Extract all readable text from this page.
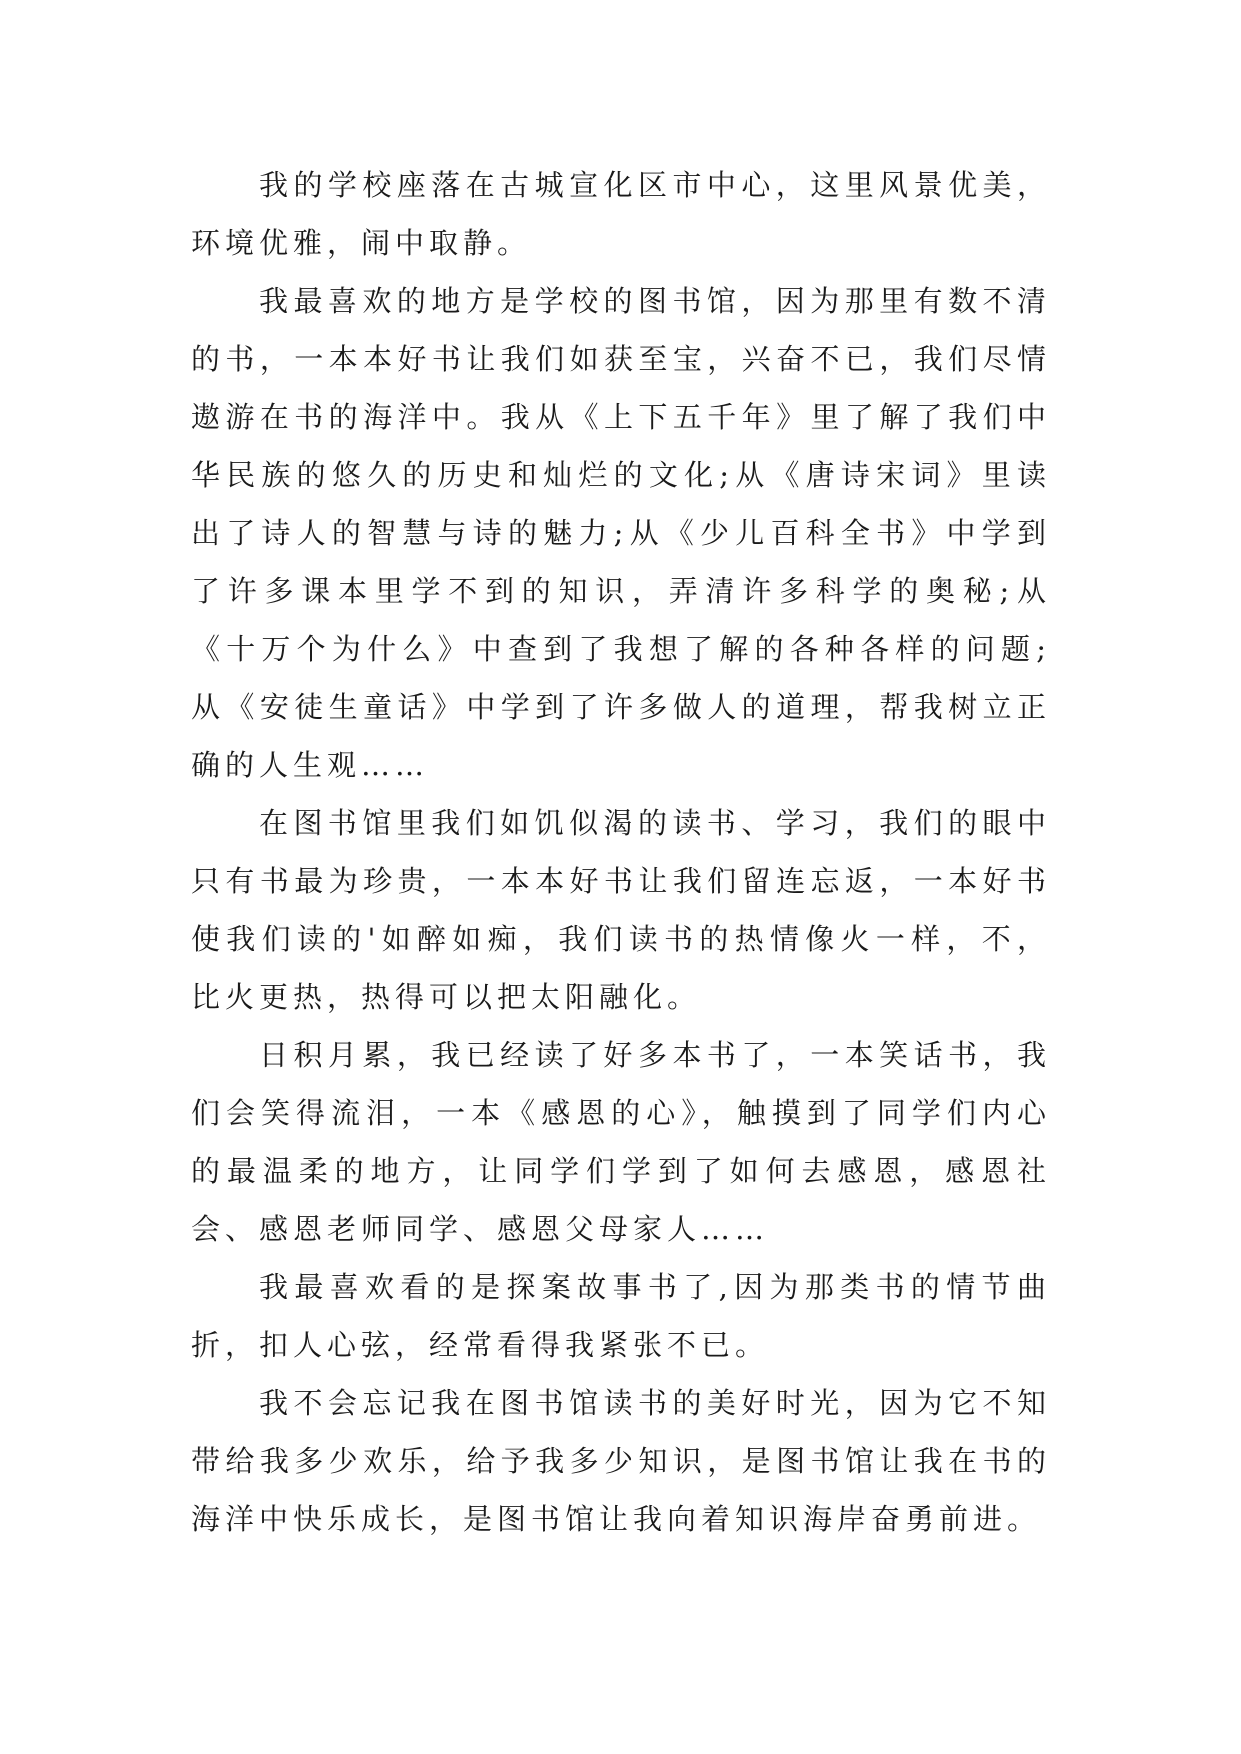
我的学校座落在古城宣化区市中心，这里风景优美，环境优雅，闹中取静。

我最喜欢的地方是学校的图书馆，因为那里有数不清的书，一本本好书让我们如获至宝，兴奋不已，我们尽情遨游在书的海洋中。我从《上下五千年》里了解了我们中华民族的悠久的历史和灿烂的文化;从《唐诗宋词》里读出了诗人的智慧与诗的魅力;从《少儿百科全书》中学到了许多课本里学不到的知识，弄清许多科学的奥秘;从《十万个为什么》中查到了我想了解的各种各样的问题;从《安徒生童话》中学到了许多做人的道理，帮我树立正确的人生观……

在图书馆里我们如饥似渴的读书、学习，我们的眼中只有书最为珍贵，一本本好书让我们留连忘返，一本好书使我们读的'如醉如痴，我们读书的热情像火一样，不，比火更热，热得可以把太阳融化。

日积月累，我已经读了好多本书了，一本笑话书，我们会笑得流泪，一本《感恩的心》，触摸到了同学们内心的最温柔的地方，让同学们学到了如何去感恩，感恩社会、感恩老师同学、感恩父母家人……

我最喜欢看的是探案故事书了,因为那类书的情节曲折，扣人心弦，经常看得我紧张不已。

我不会忘记我在图书馆读书的美好时光，因为它不知带给我多少欢乐，给予我多少知识，是图书馆让我在书的海洋中快乐成长，是图书馆让我向着知识海岸奋勇前进。
